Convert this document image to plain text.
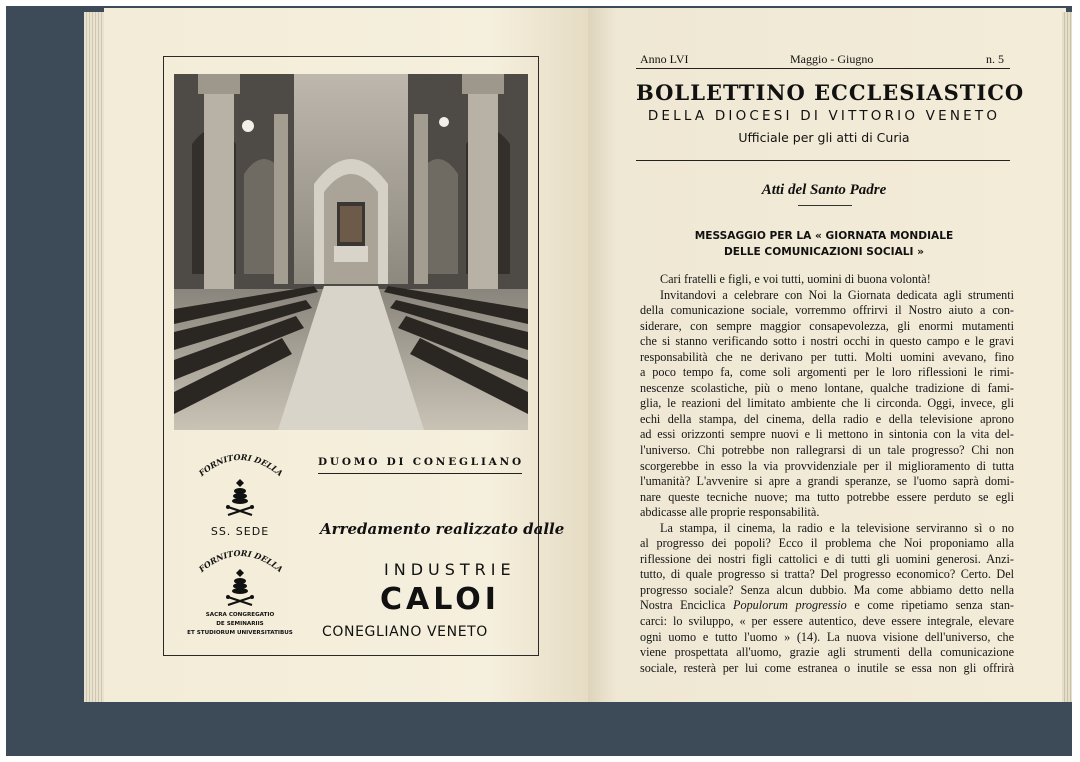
FORNITORI DELLA
SS. SEDE
FORNITORI DELLA
SACRA CONGREGATIO
DE SEMINARIIS
ET STUDIORUM UNIVERSITATIBUS
DUOMO DI CONEGLIANO
Arredamento realizzato dalle
INDUSTRIE
CALOI
CONEGLIANO VENETO
Anno LVI	Maggio - Giugno	n. 5
BOLLETTINO ECCLESIASTICO
DELLA DIOCESI DI VITTORIO VENETO
Ufficiale per gli atti di Curia
Atti del Santo Padre
MESSAGGIO PER LA « GIORNATA MONDIALE
DELLE COMUNICAZIONI SOCIALI »
Cari fratelli e figli, e voi tutti, uomini di buona volontà!
Invitandovi a celebrare con Noi la Giornata dedicata agli strumenti
della comunicazione sociale, vorremmo offrirvi il Nostro aiuto a con-
siderare, con sempre maggior consapevolezza, gli enormi mutamenti
che si stanno verificando sotto i nostri occhi in questo campo e le gravi
responsabilità che ne derivano per tutti. Molti uomini avevano, fino
a poco tempo fa, come soli argomenti per le loro riflessioni le rimi-
nescenze scolastiche, più o meno lontane, qualche tradizione di fami-
glia, le reazioni del limitato ambiente che li circonda. Oggi, invece, gli
echi della stampa, del cinema, della radio e della televisione aprono
ad essi orizzonti sempre nuovi e li mettono in sintonia con la vita del-
l'universo. Chi potrebbe non rallegrarsi di un tale progresso? Chi non
scorgerebbe in esso la via provvidenziale per il miglioramento di tutta
l'umanità? L'avvenire si apre a grandi speranze, se l'uomo saprà domi-
nare queste tecniche nuove; ma tutto potrebbe essere perduto se egli
abdicasse alle proprie responsabilità.
La stampa, il cinema, la radio e la televisione serviranno sì o no
al progresso dei popoli? Ecco il problema che Noi proponiamo alla
riflessione dei nostri figli cattolici e di tutti gli uomini generosi. Anzi-
tutto, di quale progresso si tratta? Del progresso economico? Certo. Del
progresso sociale? Senza alcun dubbio. Ma come abbiamo detto nella
Nostra Enciclica Populorum progressio e come ripetiamo senza stan-
carci: lo sviluppo, « per essere autentico, deve essere integrale, elevare
ogni uomo e tutto l'uomo » (14). La nuova visione dell'universo, che
viene prospettata all'uomo, grazie agli strumenti della comunicazione
sociale, resterà per lui come estranea o inutile se essa non gli offrirà
